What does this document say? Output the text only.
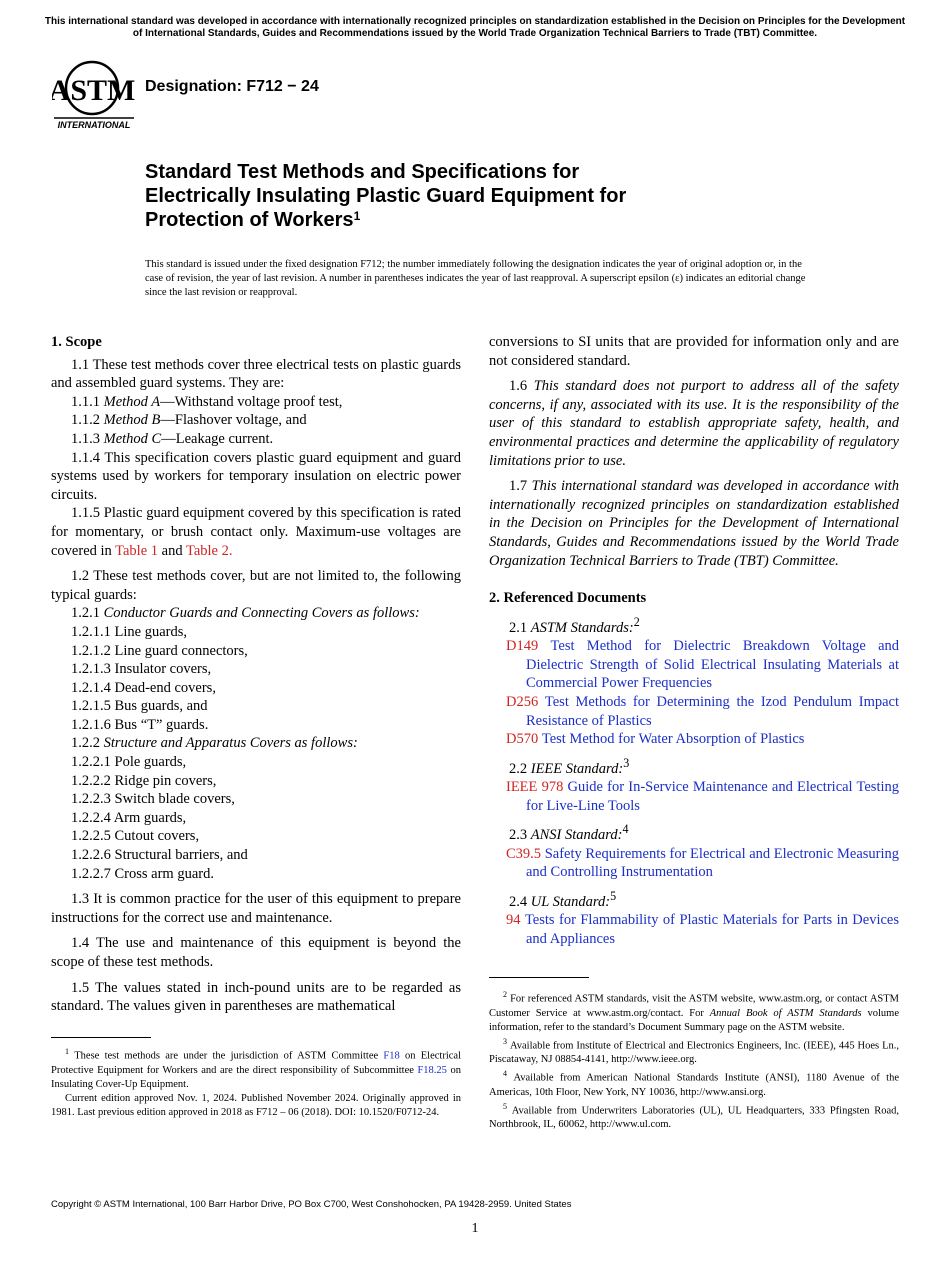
This international standard was developed in accordance with internationally recognized principles on standardization established in the Decision on Principles for the Development of International Standards, Guides and Recommendations issued by the World Trade Organization Technical Barriers to Trade (TBT) Committee.
ASTM
INTERNATIONAL
Designation: F712 − 24
Standard Test Methods and Specifications for
Electrically Insulating Plastic Guard Equipment for
Protection of Workers$^1$
This standard is issued under the fixed designation F712; the number immediately following the designation indicates the year of original adoption or, in the case of revision, the year of last revision. A number in parentheses indicates the year of last reapproval. A superscript epsilon (ε) indicates an editorial change since the last revision or reapproval.

1. Scope

1.1 These test methods cover three electrical tests on plastic guards and assembled guard systems. They are:

1.1.1 Method A—Withstand voltage proof test,

1.1.2 Method B—Flashover voltage, and

1.1.3 Method C—Leakage current.

1.1.4 This specification covers plastic guard equipment and guard systems used by workers for temporary insulation on electric power circuits.

1.1.5 Plastic guard equipment covered by this specification is rated for momentary, or brush contact only. Maximum-use voltages are covered in Table 1 and Table 2.

1.2 These test methods cover, but are not limited to, the following typical guards:

1.2.1 Conductor Guards and Connecting Covers as follows:

1.2.1.1 Line guards,

1.2.1.2 Line guard connectors,

1.2.1.3 Insulator covers,

1.2.1.4 Dead-end covers,

1.2.1.5 Bus guards, and

1.2.1.6 Bus “T” guards.

1.2.2 Structure and Apparatus Covers as follows:

1.2.2.1 Pole guards,

1.2.2.2 Ridge pin covers,

1.2.2.3 Switch blade covers,

1.2.2.4 Arm guards,

1.2.2.5 Cutout covers,

1.2.2.6 Structural barriers, and

1.2.2.7 Cross arm guard.

1.3 It is common practice for the user of this equipment to prepare instructions for the correct use and maintenance.

1.4 The use and maintenance of this equipment is beyond the scope of these test methods.

1.5 The values stated in inch-pound units are to be regarded as standard. The values given in parentheses are mathematical

$^1$ These test methods are under the jurisdiction of ASTM Committee F18 on Electrical Protective Equipment for Workers and are the direct responsibility of Subcommittee F18.25 on Insulating Cover-Up Equipment.

Current edition approved Nov. 1, 2024. Published November 2024. Originally approved in 1981. Last previous edition approved in 2018 as F712 – 06 (2018). DOI: 10.1520/F0712-24.

conversions to SI units that are provided for information only and are not considered standard.

1.6 This standard does not purport to address all of the safety concerns, if any, associated with its use. It is the responsibility of the user of this standard to establish appropriate safety, health, and environmental practices and determine the applicability of regulatory limitations prior to use.

1.7 This international standard was developed in accordance with internationally recognized principles on standardization established in the Decision on Principles for the Development of International Standards, Guides and Recommendations issued by the World Trade Organization Technical Barriers to Trade (TBT) Committee.

2. Referenced Documents

2.1 ASTM Standards:$^2$

D149 Test Method for Dielectric Breakdown Voltage and Dielectric Strength of Solid Electrical Insulating Materials at Commercial Power Frequencies

D256 Test Methods for Determining the Izod Pendulum Impact Resistance of Plastics

D570 Test Method for Water Absorption of Plastics

2.2 IEEE Standard:$^3$

IEEE 978 Guide for In-Service Maintenance and Electrical Testing for Live-Line Tools

2.3 ANSI Standard:$^4$

C39.5 Safety Requirements for Electrical and Electronic Measuring and Controlling Instrumentation

2.4 UL Standard:$^5$

94 Tests for Flammability of Plastic Materials for Parts in Devices and Appliances

$^2$ For referenced ASTM standards, visit the ASTM website, www.astm.org, or contact ASTM Customer Service at www.astm.org/contact. For Annual Book of ASTM Standards volume information, refer to the standard’s Document Summary page on the ASTM website.

$^3$ Available from Institute of Electrical and Electronics Engineers, Inc. (IEEE), 445 Hoes Ln., Piscataway, NJ 08854-4141, http://www.ieee.org.

$^4$ Available from American National Standards Institute (ANSI), 1180 Avenue of the Americas, 10th Floor, New York, NY 10036, http://www.ansi.org.

$^5$ Available from Underwriters Laboratories (UL), UL Headquarters, 333 Pfingsten Road, Northbrook, IL, 60062, http://www.ul.com.

Copyright © ASTM International, 100 Barr Harbor Drive, PO Box C700, West Conshohocken, PA 19428-2959. United States
1
